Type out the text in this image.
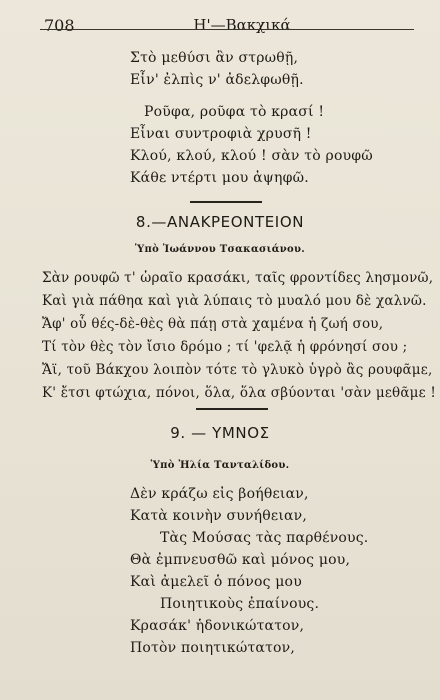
708	Η'—Βακχικά
Στὸ μεθύσι ἂν στρωθῇ,
Εἶν' ἐλπὶς ν' ἀδελφωθῇ.
Ροῦφα, ροῦφα τὸ κρασί !
Εἶναι συντροφιὰ χρυσῆ !
Κλού, κλού, κλού ! σὰν τὸ ρουφῶ
Κάθε ντέρτι μου ἀψηφῶ.
8.—ΑΝΑΚΡΕΟΝΤΕΙΟΝ
Ὑπὸ Ἰωάννου Τσακασιάνου.
Σὰν ρουφῶ τ' ὡραῖο κρασάκι, ταῖς φροντίδες λησμονῶ,
Καὶ γιὰ πάθηα καὶ γιὰ λύπαις τὸ μυαλό μου δὲ χαλνῶ.
Ἄφ' οὗ θές-δὲ-θὲς θὰ πάῃ στὰ χαμένα ἡ ζωή σου,
Τί τὸν θὲς τὸν ἴσιο δρόμο ; τί 'φελᾷ ἡ φρόνησί σου ;
Ἄϊ, τοῦ Βάκχου λοιπὸν τότε τὸ γλυκὸ ὑγρὸ ἂς ρουφᾶμε,
Κ' ἔτσι φτώχια, πόνοι, ὅλα, ὅλα σβύονται 'σὰν μεθᾶμε !
9. — ΥΜΝΟΣ
Ὑπὸ Ἠλία Τανταλίδου.
Δὲν κράζω εἰς βοήθειαν,
Κατὰ κοινὴν συνήθειαν,
Τὰς Μούσας τὰς παρθένους.
Θὰ ἐμπνευσθῶ καὶ μόνος μου,
Καὶ ἀμελεῖ ὁ πόνος μου
Ποιητικοὺς ἐπαίνους.
Κρασάκ' ἡδονικώτατον,
Ποτὸν ποιητικώτατον,
